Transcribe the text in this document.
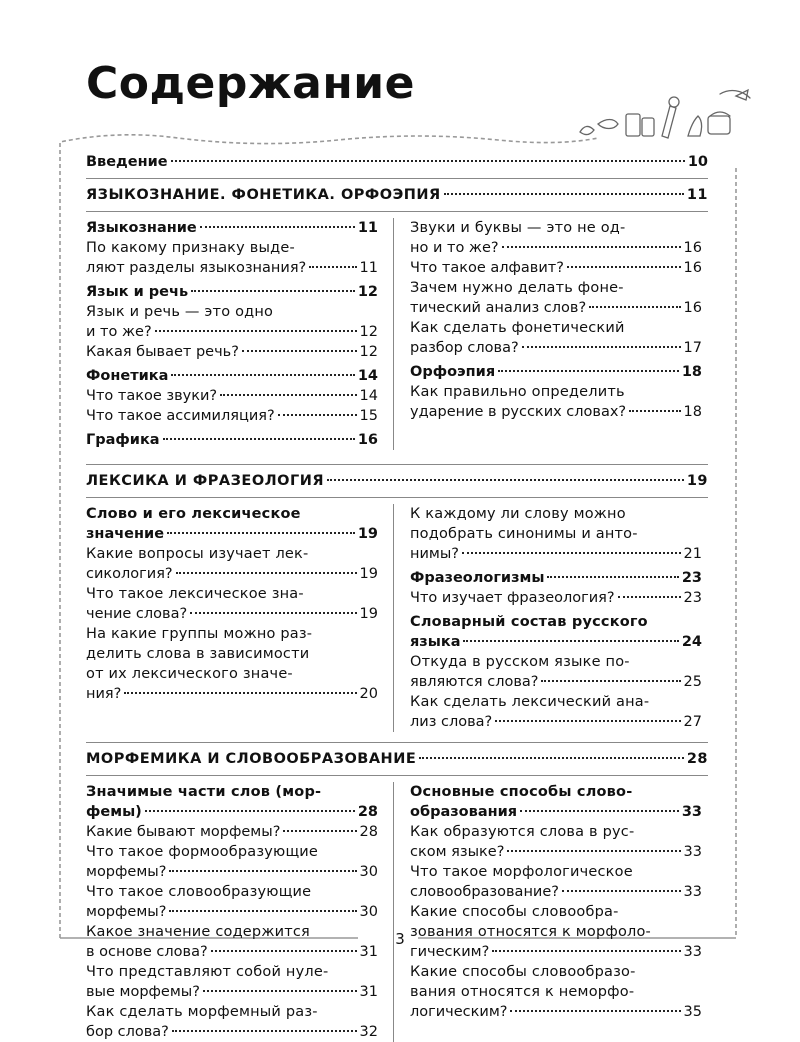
Содержание
Введение	10
ЯЗЫКОЗНАНИЕ. ФОНЕТИКА. ОРФОЭПИЯ	11
Языкознание	11
По какому признаку выде-
ляют разделы языкознания?	11
Язык и речь	12
Язык и речь — это одно
и то же?	12
Какая бывает речь?	12
Фонетика	14
Что такое звуки?	14
Что такое ассимиляция?	15
Графика	16
Звуки и буквы — это не од-
но и то же?	16
Что такое алфавит?	16
Зачем нужно делать фоне-
тический анализ слов?	16
Как сделать фонетический
разбор слова?	17
Орфоэпия	18
Как правильно определить
ударение в русских словах?	18
ЛЕКСИКА И ФРАЗЕОЛОГИЯ	19
Слово и его лексическое
значение	19
Какие вопросы изучает лек-
сикология?	19
Что такое лексическое зна-
чение слова?	19
На какие группы можно раз-
делить слова в зависимости
от их лексического значе-
ния?	20
К каждому ли слову можно
подобрать синонимы и анто-
нимы?	21
Фразеологизмы	23
Что изучает фразеология?	23
Словарный состав русского
языка	24
Откуда в русском языке по-
являются слова?	25
Как сделать лексический ана-
лиз слова?	27
МОРФЕМИКА И СЛОВООБРАЗОВАНИЕ	28
Значимые части слов (мор-
фемы)	28
Какие бывают морфемы?	28
Что такое формообразующие
морфемы?	30
Что такое словообразующие
морфемы?	30
Какое значение содержится
в основе слова?	31
Что представляют собой нуле-
вые морфемы?	31
Как сделать морфемный раз-
бор слова?	32
Основные способы слово-
образования	33
Как образуются слова в рус-
ском языке?	33
Что такое морфологическое
словообразование?	33
Какие способы словообра-
зования относятся к морфоло-
гическим?	33
Какие способы словообразо-
вания относятся к неморфо-
логическим?	35
3
